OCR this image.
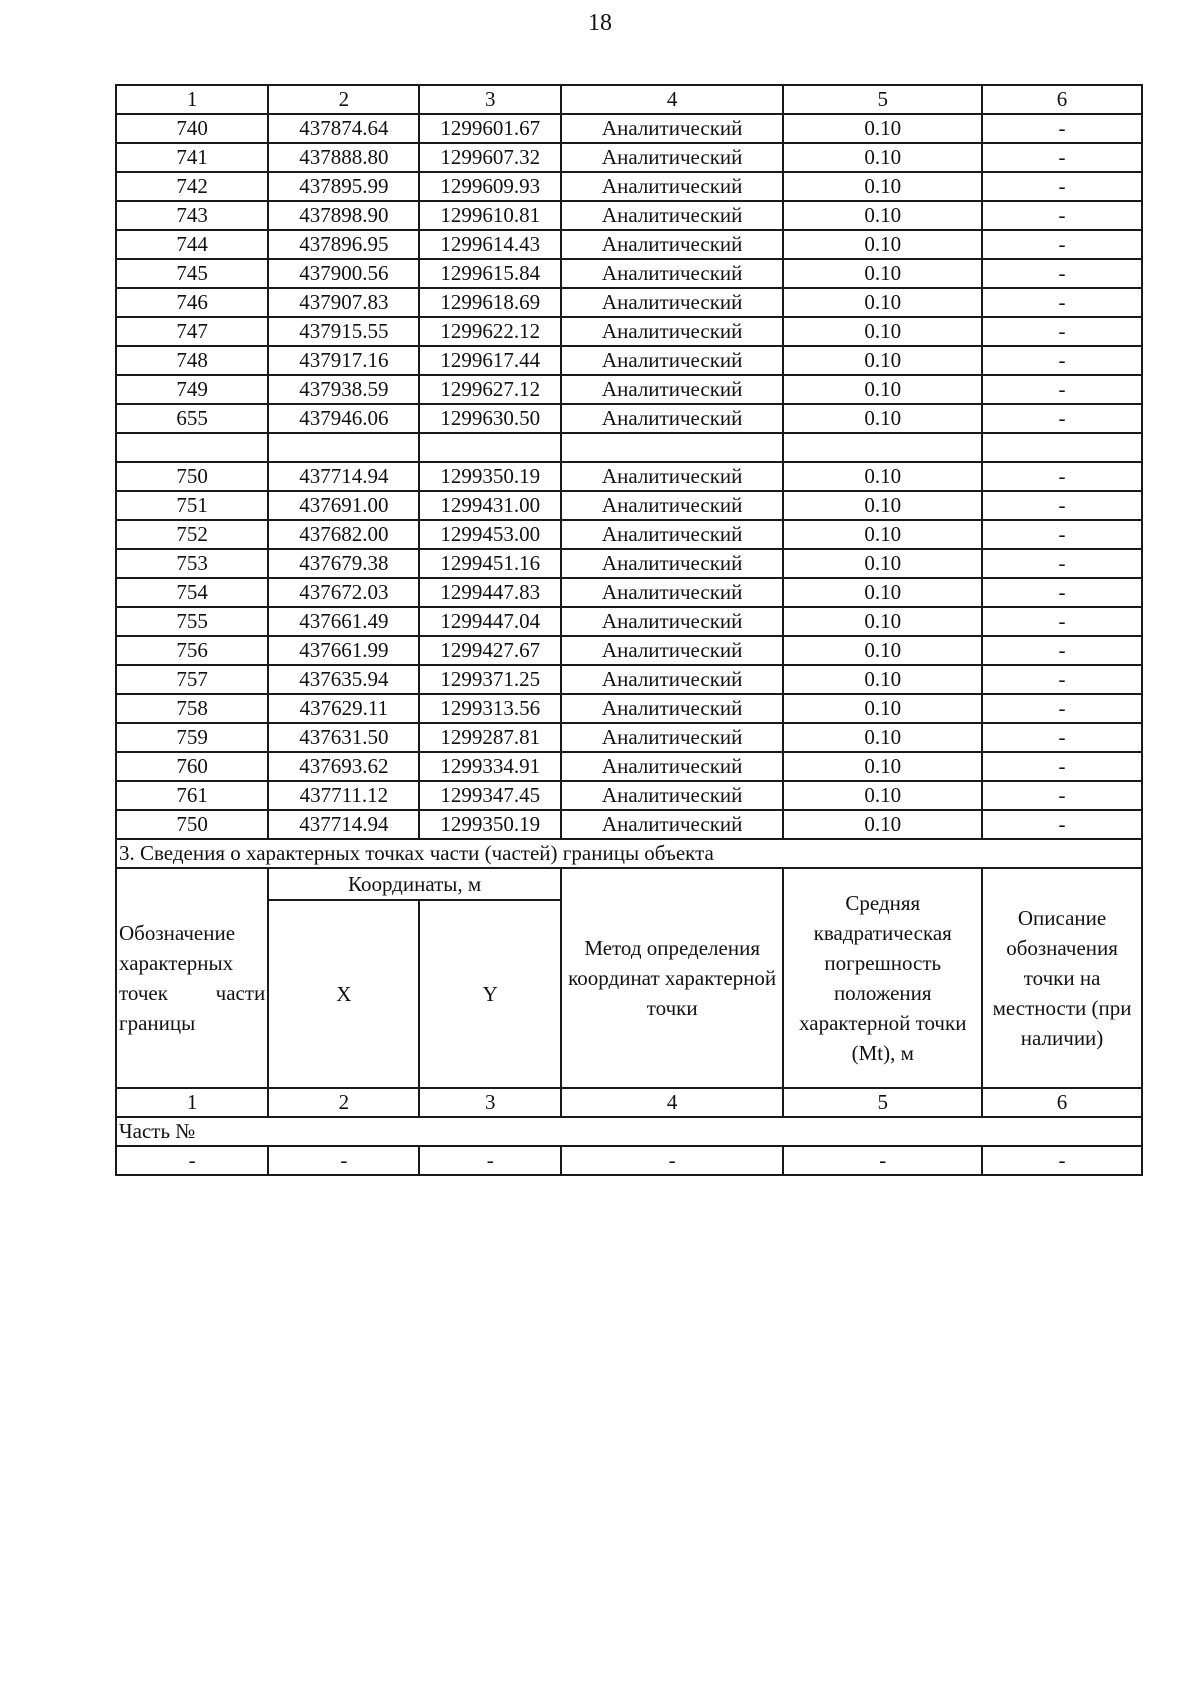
18
1	2	3	4	5	6
740	437874.64	1299601.67	Аналитический	0.10	-
741	437888.80	1299607.32	Аналитический	0.10	-
742	437895.99	1299609.93	Аналитический	0.10	-
743	437898.90	1299610.81	Аналитический	0.10	-
744	437896.95	1299614.43	Аналитический	0.10	-
745	437900.56	1299615.84	Аналитический	0.10	-
746	437907.83	1299618.69	Аналитический	0.10	-
747	437915.55	1299622.12	Аналитический	0.10	-
748	437917.16	1299617.44	Аналитический	0.10	-
749	437938.59	1299627.12	Аналитический	0.10	-
655	437946.06	1299630.50	Аналитический	0.10	-

750	437714.94	1299350.19	Аналитический	0.10	-
751	437691.00	1299431.00	Аналитический	0.10	-
752	437682.00	1299453.00	Аналитический	0.10	-
753	437679.38	1299451.16	Аналитический	0.10	-
754	437672.03	1299447.83	Аналитический	0.10	-
755	437661.49	1299447.04	Аналитический	0.10	-
756	437661.99	1299427.67	Аналитический	0.10	-
757	437635.94	1299371.25	Аналитический	0.10	-
758	437629.11	1299313.56	Аналитический	0.10	-
759	437631.50	1299287.81	Аналитический	0.10	-
760	437693.62	1299334.91	Аналитический	0.10	-
761	437711.12	1299347.45	Аналитический	0.10	-
750	437714.94	1299350.19	Аналитический	0.10	-
3. Сведения о характерных точках части (частей) границы объекта					
Обозначение характерных точек части границы	Координаты, м		Метод определения координат характерной точки	Средняя квадратическая погрешность положения характерной точки (Mt), м	Описание обозначения точки на местности (при наличии)
	X	Y			
1	2	3	4	5	6
Часть №					
-	-	-	-	-	-
